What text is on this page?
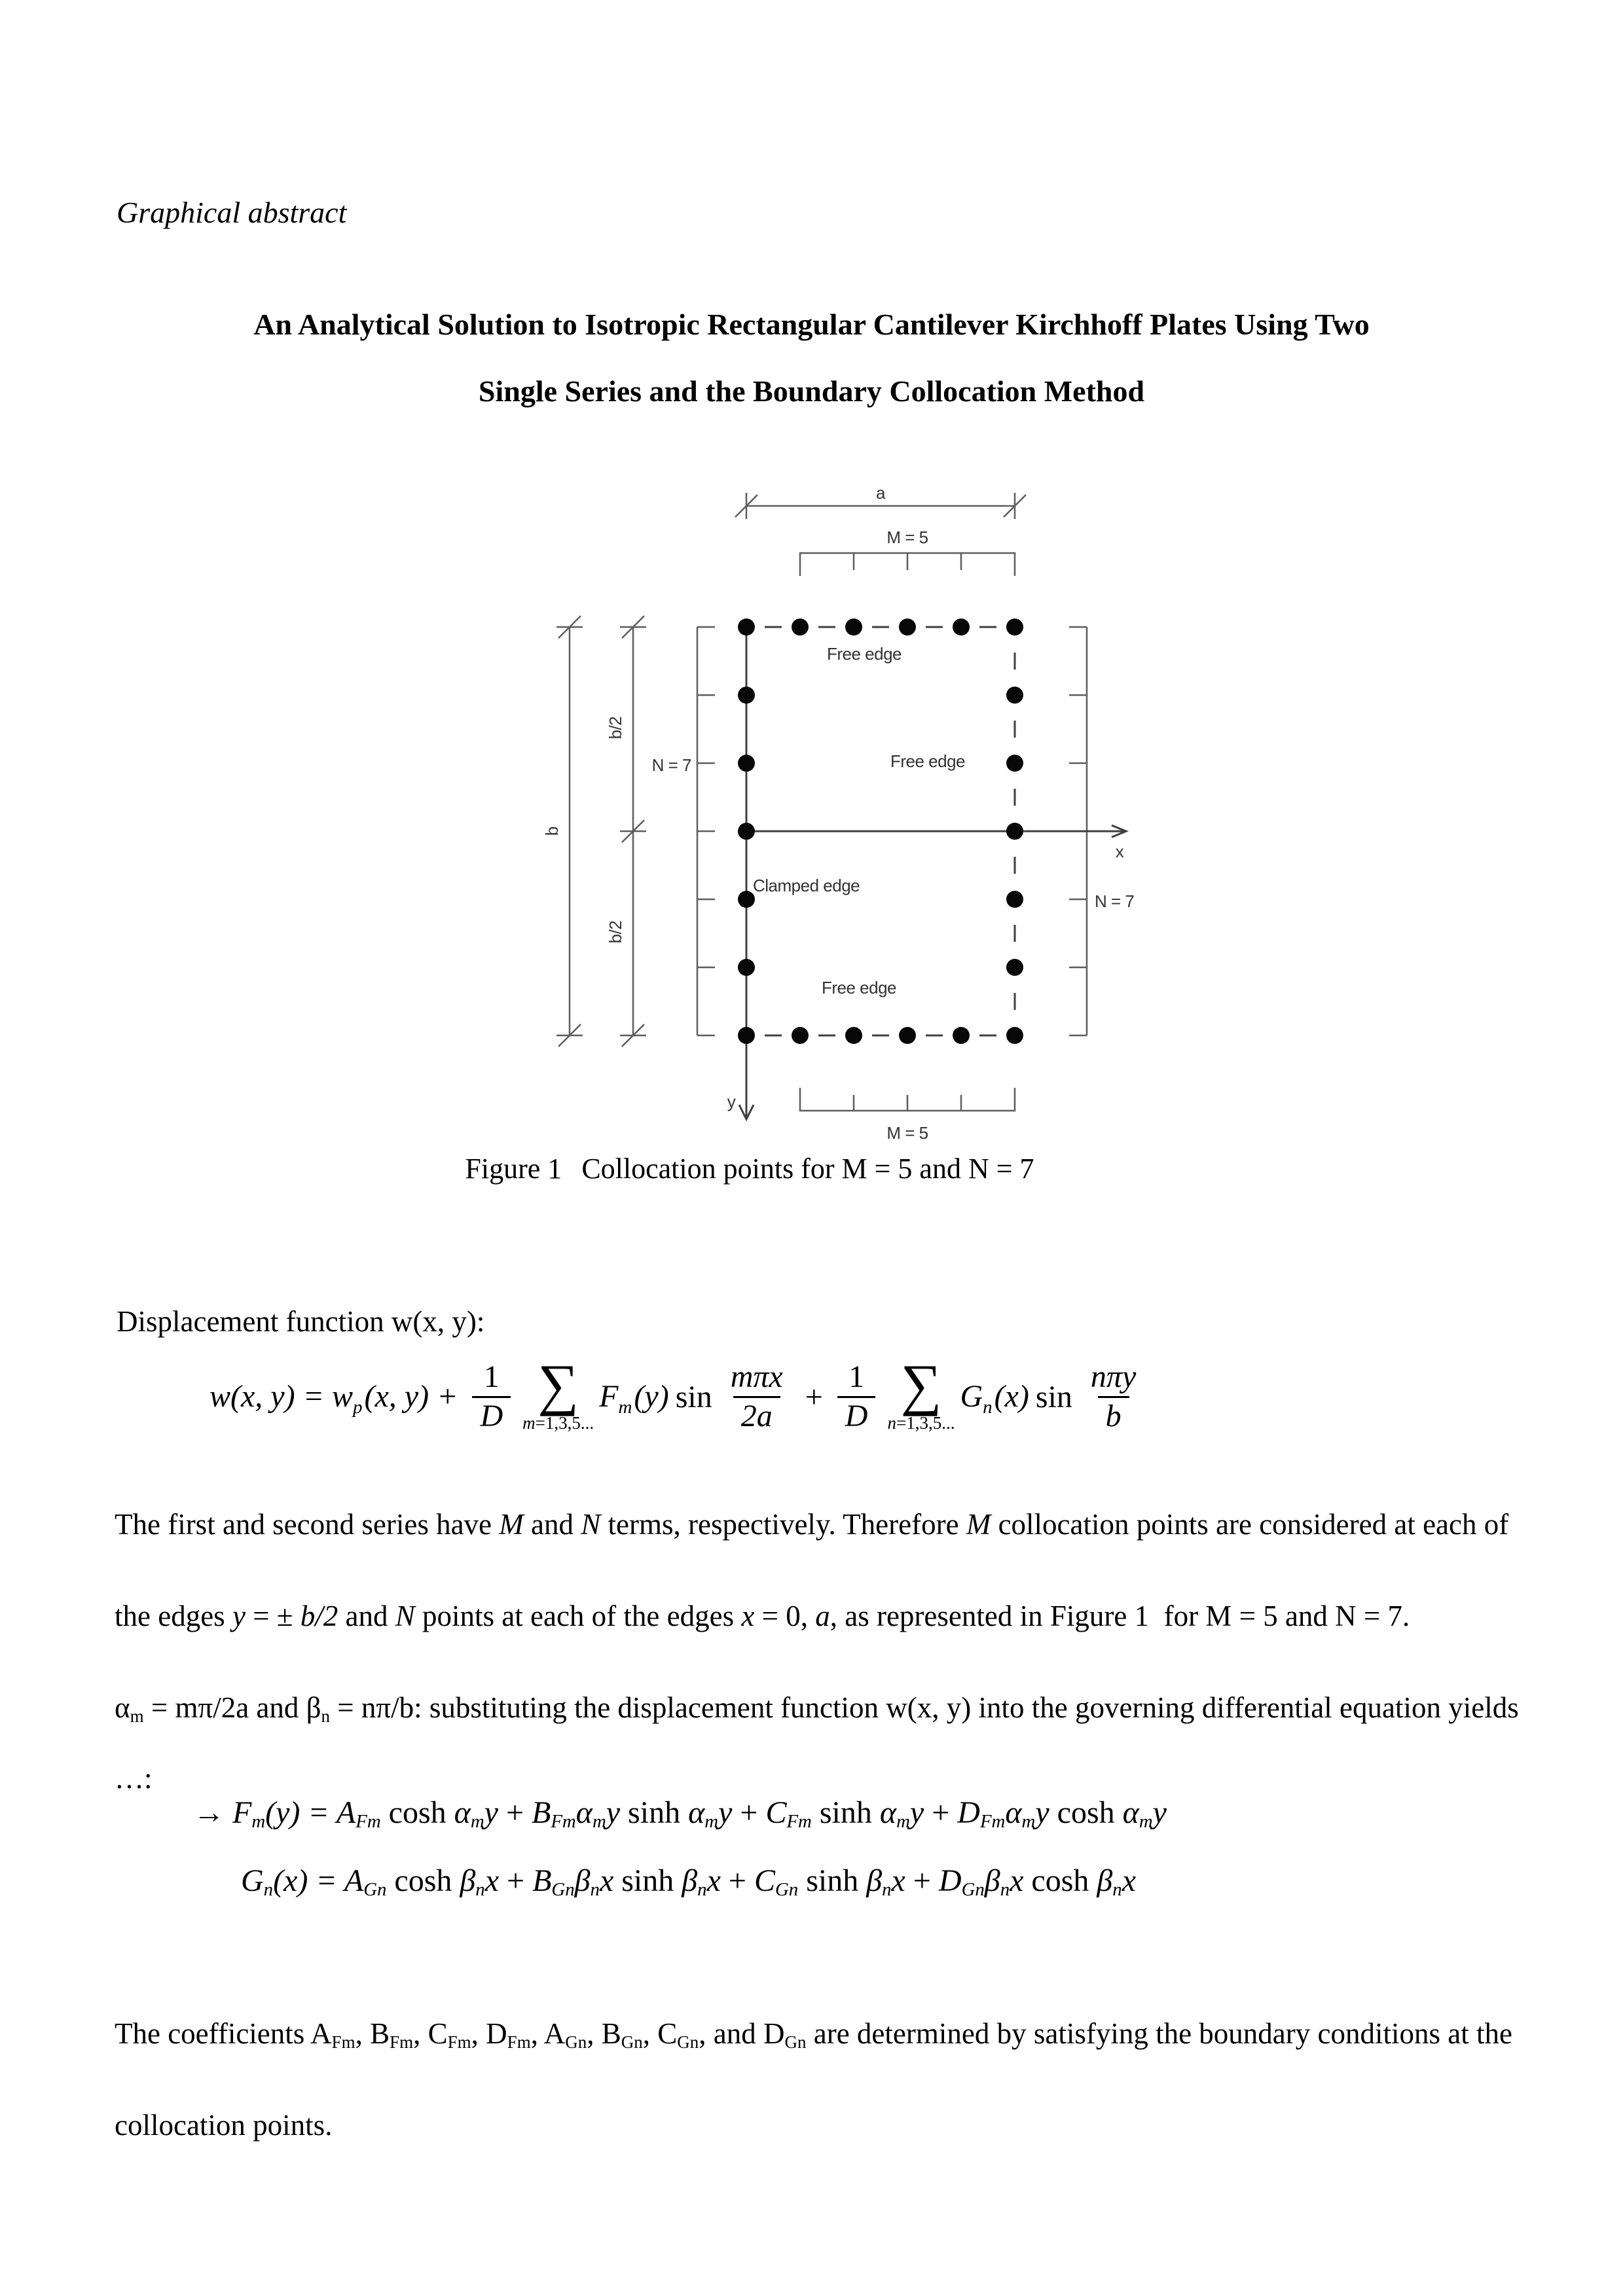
Graphical abstract
An Analytical Solution to Isotropic Rectangular Cantilever Kirchhoff Plates Using Two
Single Series and the Boundary Collocation Method
a
M = 5
b
b/2
b/2
N = 7
N = 7
M = 5
x
y
Free edge
Free edge
Clamped edge
Free edge
Figure 1 Collocation points for M = 5 and N = 7
Displacement function w(x, y):
w(x, y) = w p (x, $y) + \frac{1}{D}$ ∑
m=1,3,5...
F m (y) $\sin \frac{\text{mπx}}{2a} + \frac{1}{D}$ ∑
n=1,3,5...
G n (x) $\sin \frac{\text{nπy}}{b}$
The first and second series have M and N terms, respectively. Therefore M collocation points are considered at each of
the edges y = ± b/2 and N points at each of the edges x = 0, a, as represented in Figure 1  for M = 5 and N = 7.
αm = mπ/2a and βn = nπ/b: substituting the displacement function w(x, y) into the governing differential equation yields
…:
→ Fm(y) = AFm cosh αmy + BFmαmy sinh αmy + CFm sinh αmy + DFmαmy cosh αmy
Gn(x) = AGn cosh βnx + BGnβnx sinh βnx + CGn sinh βnx + DGnβnx cosh βnx
The coefficients AFm, BFm, CFm, DFm, AGn, BGn, CGn, and DGn are determined by satisfying the boundary conditions at the
collocation points.
